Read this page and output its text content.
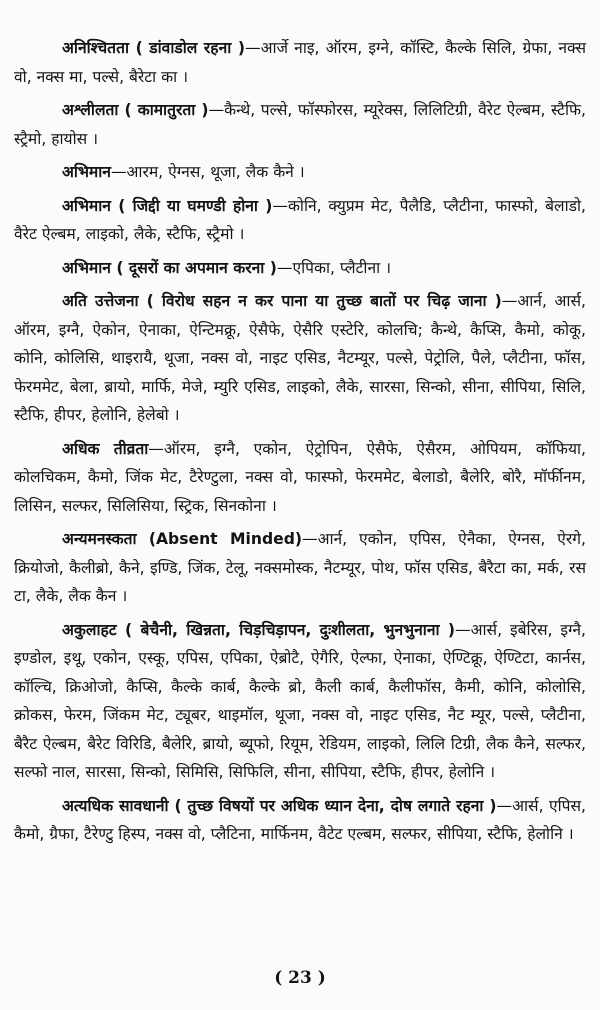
अनिश्चितता ( डांवाडोल रहना )—आर्जे नाइ, ऑरम, इग्ने, कॉस्टि, कैल्के सिलि, ग्रेफा, नक्स वो, नक्स मा, पल्से, बैरेटा का ।

अश्लीलता ( कामातुरता )—कैन्थे, पल्से, फॉस्फोरस, म्यूरेक्स, लिलिटिग्री, वैरेट ऐल्बम, स्टैफि, स्ट्रैमो, हायोस ।

अभिमान—आरम, ऐग्नस, थूजा, लैक कैने ।

अभिमान ( जिद्दी या घमण्डी होना )—कोनि, क्युप्रम मेट, पैलैडि, प्लैटीना, फास्फो, बेलाडो, वैरेट ऐल्बम, लाइको, लैके, स्टैफि, स्ट्रैमो ।

अभिमान ( दूसरों का अपमान करना )—एपिका, प्लैटीना ।

अति उत्तेजना ( विरोध सहन न कर पाना या तुच्छ बातों पर चिढ़ जाना )—आर्न, आर्स, ऑरम, इग्नै, ऐकोन, ऐनाका, ऐन्टिमक्रू, ऐसैफे, ऐसैरि एस्टेरि, कोलचि; कैन्थे, कैप्सि, कैमो, कोकू, कोनि, कोलिसि, थाइरायै, थूजा, नक्स वो, नाइट एसिड, नैटम्यूर, पल्से, पेट्रोलि, पैले, प्लैटीना, फॉस, फेरममेट, बेला, ब्रायो, मार्फि, मेजे, म्युरि एसिड, लाइको, लैके, सारसा, सिन्को, सीना, सीपिया, सिलि, स्टैफि, हीपर, हेलोनि, हेलेबो ।

अधिक तीव्रता—ऑरम, इग्नै, एकोन, ऐट्रोपिन, ऐसैफे, ऐसैरम, ओपियम, कॉफिया, कोलचिकम, कैमो, जिंक मेट, टैरेण्टुला, नक्स वो, फास्फो, फेरममेट, बेलाडो, बैलेरि, बोरै, मॉर्फीनम, लिसिन, सल्फर, सिलिसिया, स्ट्रिक, सिनकोना ।

अन्यमनस्कता (Absent Minded)—आर्न, एकोन, एपिस, ऐनैका, ऐग्नस, ऐरगे, क्रियोजो, कैलीब्रो, कैने, इण्डि, जिंक, टेलू, नक्समोस्क, नैटम्यूर, पोथ, फॉस एसिड, बैरैटा का, मर्क, रस टा, लैके, लैक कैन ।

अकुलाहट ( बेचैनी, खिन्नता, चिड़चिड़ापन, दुःशीलता, भुनभुनाना )—आर्स, इबेरिस, इग्नै, इण्डोल, इथू, एकोन, एस्कू, एपिस, एपिका, ऐब्रोटै, ऐगैरि, ऐल्फा, ऐनाका, ऐण्टिक्रू, ऐण्टिटा, कार्नस, कॉल्चि, क्रिओजो, कैप्सि, कैल्के कार्ब, कैल्के ब्रो, कैली कार्ब, कैलीफॉस, कैमी, कोनि, कोलोसि, क्रोकस, फेरम, जिंकम मेट, ट्यूबर, थाइमॉल, थूजा, नक्स वो, नाइट एसिड, नैट म्यूर, पल्से, प्लैटीना, बैरैट ऐल्बम, बैरेट विरिडि, बैलेरि, ब्रायो, ब्यूफो, रियूम, रेडियम, लाइको, लिलि टिग्री, लैक कैने, सल्फर, सल्फो नाल, सारसा, सिन्को, सिमिसि, सिफिलि, सीना, सीपिया, स्टैफि, हीपर, हेलोनि ।

अत्यधिक सावधानी ( तुच्छ विषयों पर अधिक ध्यान देना, दोष लगाते रहना )—आर्स, एपिस, कैमो, ग्रैफा, टैरेण्टु हिस्प, नक्स वो, प्लैटिना, मार्फिनम, वैटेट एल्बम, सल्फर, सीपिया, स्टैफि, हेलोनि ।

( 23 )
